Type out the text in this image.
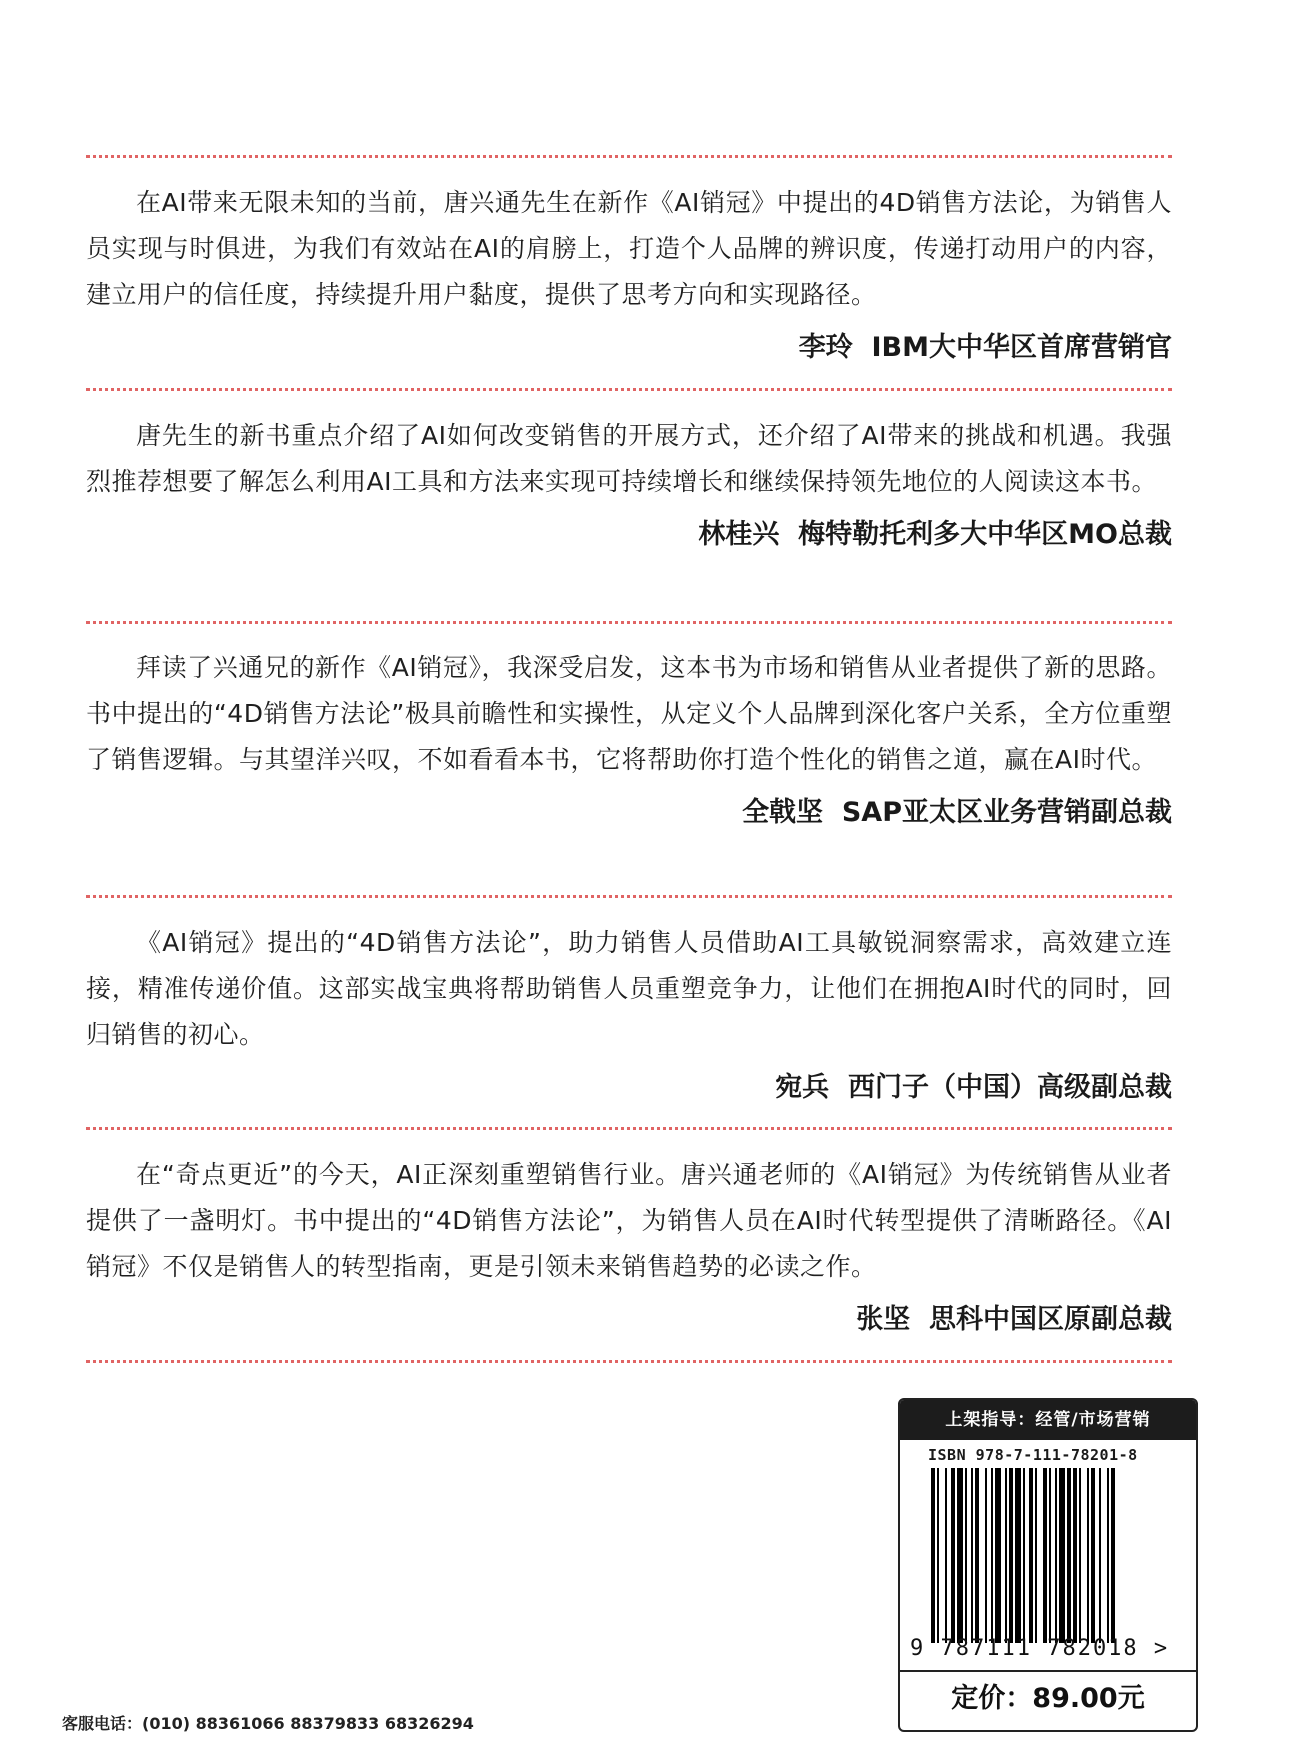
在AI带来无限未知的当前，唐兴通先生在新作《AI销冠》中提出的4D销售方法论，为销售人员实现与时俱进，为我们有效站在AI的肩膀上，打造个人品牌的辨识度，传递打动用户的内容，建立用户的信任度，持续提升用户黏度，提供了思考方向和实现路径。

李玲  IBM大中华区首席营销官

唐先生的新书重点介绍了AI如何改变销售的开展方式，还介绍了AI带来的挑战和机遇。我强烈推荐想要了解怎么利用AI工具和方法来实现可持续增长和继续保持领先地位的人阅读这本书。

林桂兴  梅特勒托利多大中华区MO总裁

拜读了兴通兄的新作《AI销冠》，我深受启发，这本书为市场和销售从业者提供了新的思路。书中提出的“4D销售方法论”极具前瞻性和实操性，从定义个人品牌到深化客户关系，全方位重塑了销售逻辑。与其望洋兴叹，不如看看本书，它将帮助你打造个性化的销售之道，赢在AI时代。

全戟坚  SAP亚太区业务营销副总裁

《AI销冠》提出的“4D销售方法论”，助力销售人员借助AI工具敏锐洞察需求，高效建立连接，精准传递价值。这部实战宝典将帮助销售人员重塑竞争力，让他们在拥抱AI时代的同时，回归销售的初心。

宛兵  西门子（中国）高级副总裁

在“奇点更近”的今天，AI正深刻重塑销售行业。唐兴通老师的《AI销冠》为传统销售从业者提供了一盏明灯。书中提出的“4D销售方法论”，为销售人员在AI时代转型提供了清晰路径。《AI销冠》不仅是销售人的转型指南，更是引领未来销售趋势的必读之作。

张坚  思科中国区原副总裁
上架指导：经管/市场营销
ISBN 978-7-111-78201-8
9 787111 782018 >
定价：89.00元
客服电话：(010) 88361066 88379833 68326294
